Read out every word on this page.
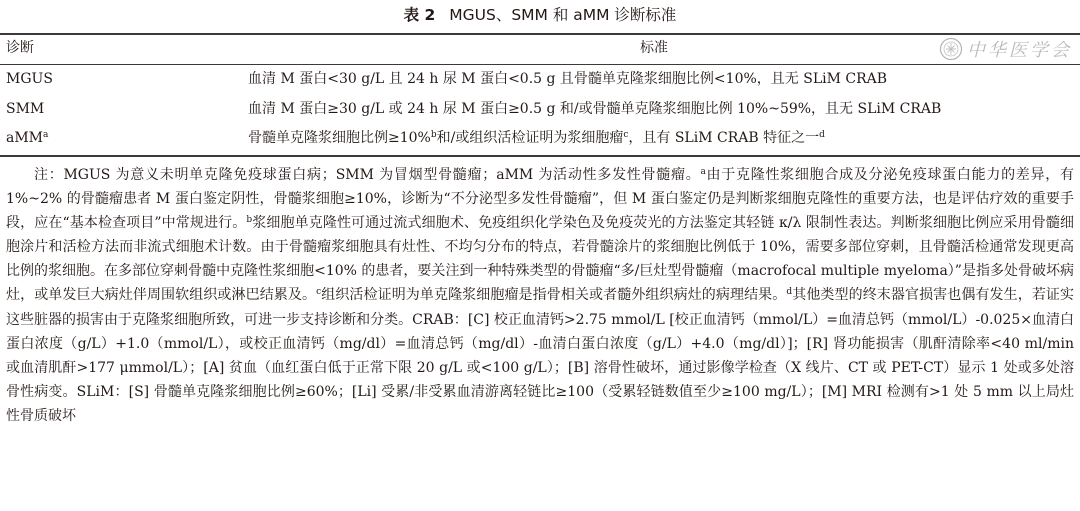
表 2 MGUS、SMM 和 aMM 诊断标准
诊断	标准	中华医学会
MGUS	血清 M 蛋白<30 g/L 且 24 h 尿 M 蛋白<0.5 g 且骨髓单克隆浆细胞比例<10%，且无 SLiM CRAB
SMM	血清 M 蛋白≥30 g/L 或 24 h 尿 M 蛋白≥0.5 g 和/或骨髓单克隆浆细胞比例 10%~59%，且无 SLiM CRAB
aMM$^a$	骨髓单克隆浆细胞比例≥10%$^b$和/或组织活检证明为浆细胞瘤$^c$，且有 SLiM CRAB 特征之一$^d$

注：MGUS 为意义未明单克隆免疫球蛋白病；SMM 为冒烟型骨髓瘤；aMM 为活动性多发性骨髓瘤。$^a$由于克隆性浆细胞合成及分泌免疫球蛋白能力的差异，有 1%~2% 的骨髓瘤患者 M 蛋白鉴定阴性，骨髓浆细胞≥10%，诊断为“不分泌型多发性骨髓瘤”，但 M 蛋白鉴定仍是判断浆细胞克隆性的重要方法，也是评估疗效的重要手段，应在“基本检查项目”中常规进行。$^b$浆细胞单克隆性可通过流式细胞术、免疫组织化学染色及免疫荧光的方法鉴定其轻链 κ/λ 限制性表达。判断浆细胞比例应采用骨髓细胞涂片和活检方法而非流式细胞术计数。由于骨髓瘤浆细胞具有灶性、不均匀分布的特点，若骨髓涂片的浆细胞比例低于 10%，需要多部位穿刺，且骨髓活检通常发现更高比例的浆细胞。在多部位穿刺骨髓中克隆性浆细胞<10% 的患者，要关注到一种特殊类型的骨髓瘤“多/巨灶型骨髓瘤（macrofocal multiple myeloma）”是指多处骨破坏病灶，或单发巨大病灶伴周围软组织或淋巴结累及。$^c$组织活检证明为单克隆浆细胞瘤是指骨相关或者髓外组织病灶的病理结果。$^d$其他类型的终末器官损害也偶有发生，若证实这些脏器的损害由于克隆浆细胞所致，可进一步支持诊断和分类。CRAB：[C] 校正血清钙>2.75 mmol/L [校正血清钙（mmol/L）=血清总钙（mmol/L）-0.025×血清白蛋白浓度（g/L）+1.0（mmol/L），或校正血清钙（mg/dl）=血清总钙（mg/dl）-血清白蛋白浓度（g/L）+4.0（mg/dl）]；[R] 肾功能损害（肌酐清除率<40 ml/min 或血清肌酐>177 μmmol/L）；[A] 贫血（血红蛋白低于正常下限 20 g/L 或<100 g/L）；[B] 溶骨性破坏，通过影像学检查（X 线片、CT 或 PET-CT）显示 1 处或多处溶骨性病变。SLiM：[S] 骨髓单克隆浆细胞比例≥60%；[Li] 受累/非受累血清游离轻链比≥100（受累轻链数值至少≥100 mg/L）；[M] MRI 检测有>1 处 5 mm 以上局灶性骨质破坏
